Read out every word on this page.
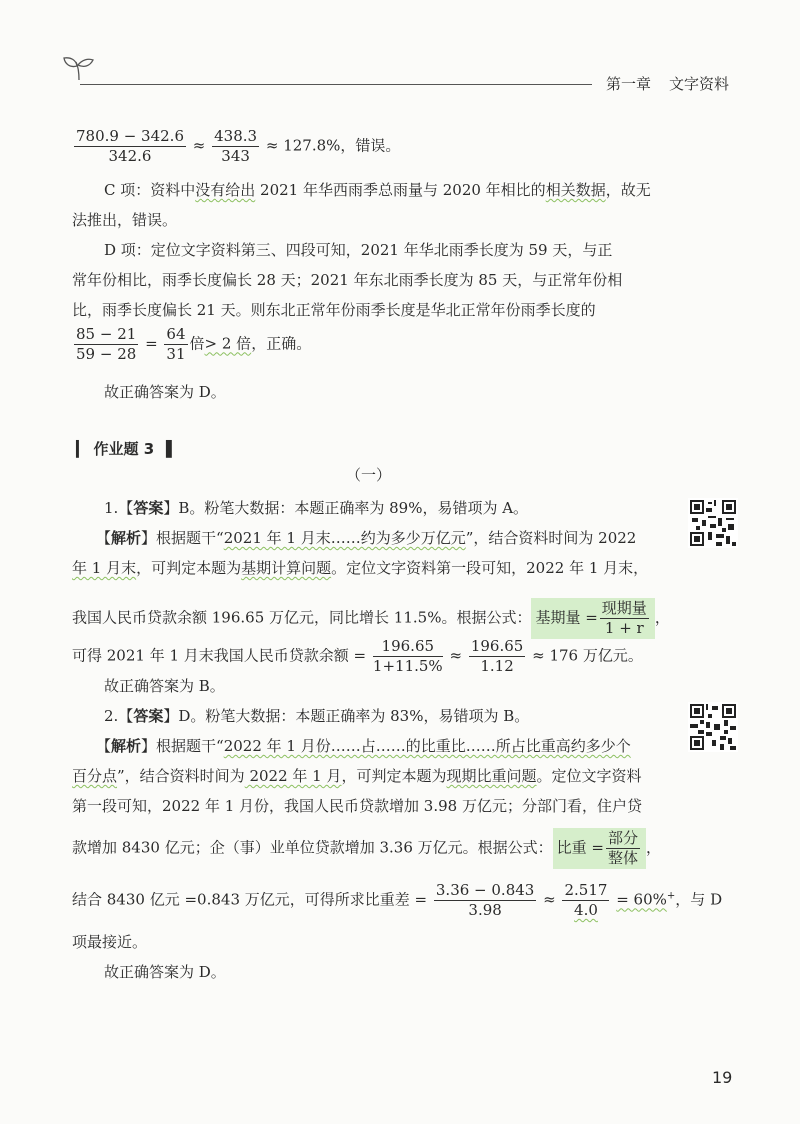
第一章 文字资料
$\frac{780.9 - 342.6}{342.6} \approx \frac{438.3}{343} \approx 127.8\%$，错误。
C 项：资料中没有给出 2021 年华西雨季总雨量与 2020 年相比的相关数据，故无
法推出，错误。
D 项：定位文字资料第三、四段可知，2021 年华北雨季长度为 59 天，与正
常年份相比，雨季长度偏长 28 天；2021 年东北雨季长度为 85 天，与正常年份相
比，雨季长度偏长 21 天。则东北正常年份雨季长度是华北正常年份雨季长度的
$\frac{85 - 21}{59 - 28} = \frac{64}{31}$ 倍> 2 倍，正确。
故正确答案为 D。
▎ 作业题 3 ▐
（一）
1.【答案】B。粉笔大数据：本题正确率为 89%，易错项为 A。
【解析】根据题干“2021 年 1 月末……约为多少万亿元”，结合资料时间为 2022
年 1 月末，可判定本题为基期计算问题。定位文字资料第一段可知，2022 年 1 月末，
我国人民币贷款余额 196.65 万亿元，同比增长 11.5%。根据公式： 基期量 = $\frac{\text{现期量}}{1 + r}$ ，
可得 2021 年 1 月末我国人民币贷款余额 = $\frac{196.65}{1+11.5\%} \approx \frac{196.65}{1.12} \approx 176$ 万亿元。
故正确答案为 B。
2.【答案】D。粉笔大数据：本题正确率为 83%，易错项为 B。
【解析】根据题干“2022 年 1 月份……占……的比重比……所占比重高约多少个
百分点”，结合资料时间为 2022 年 1 月，可判定本题为现期比重问题。定位文字资料
第一段可知，2022 年 1 月份，我国人民币贷款增加 3.98 万亿元；分部门看，住户贷
款增加 8430 亿元；企（事）业单位贷款增加 3.36 万亿元。根据公式： 比重 = $\frac{\text{部分}}{\text{整体}}$ ，
结合 8430 亿元 =0.843 万亿元，可得所求比重差 = $\frac{3.36 - 0.843}{3.98} \approx \frac{2.517}{4.0} = 60\%^+$，与 D
项最接近。
故正确答案为 D。
19
